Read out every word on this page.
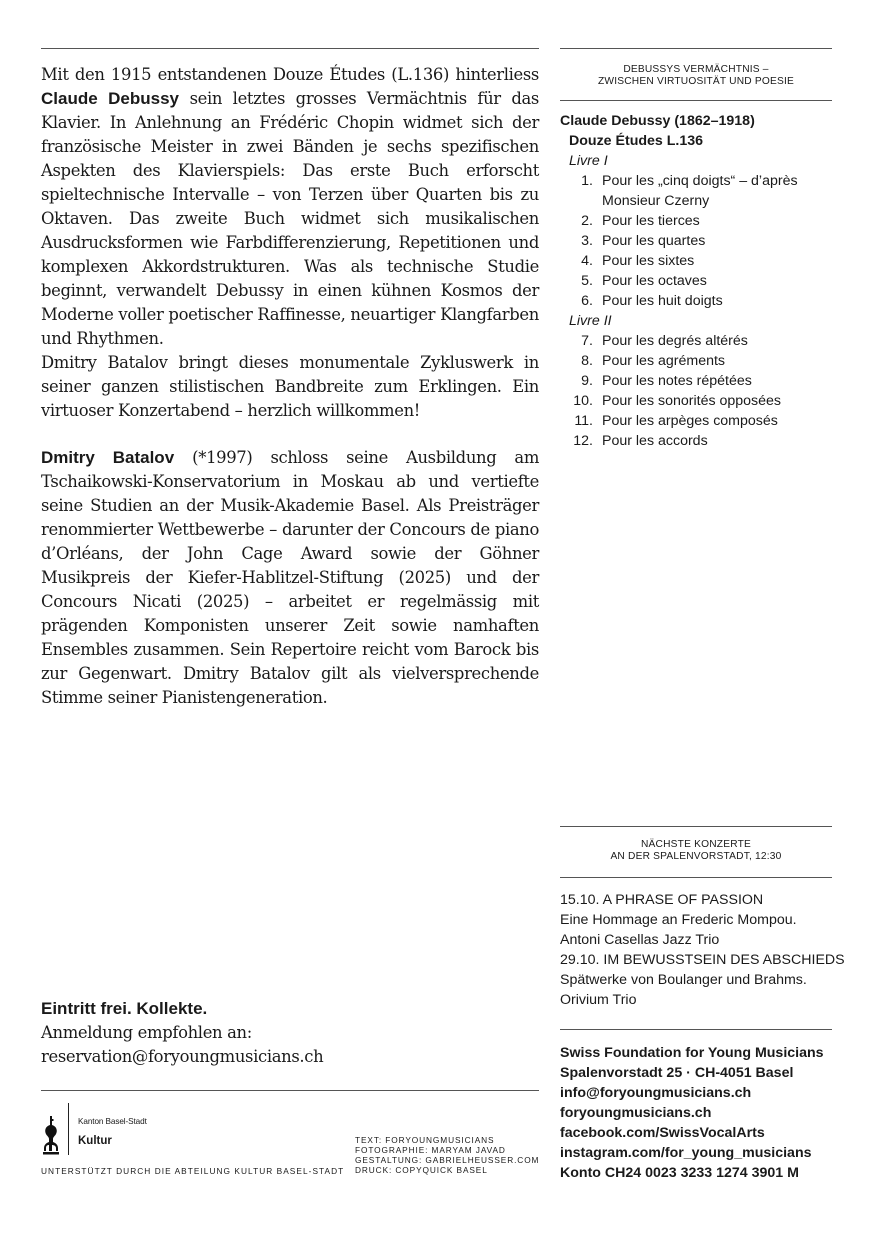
Mit den 1915 entstandenen Douze Études (L.136) hinterliess Claude Debussy sein letztes grosses Vermächtnis für das Klavier. In Anlehnung an Frédéric Chopin widmet sich der französische Meister in zwei Bänden je sechs spezifischen Aspekten des Klavierspiels: Das erste Buch erforscht spieltechnische Intervalle – von Terzen über Quarten bis zu Oktaven. Das zweite Buch widmet sich musikalischen Ausdrucksformen wie Farbdifferenzierung, Repetitionen und komplexen Akkordstrukturen. Was als technische Studie beginnt, verwandelt Debussy in einen kühnen Kosmos der Moderne voller poetischer Raffinesse, neuartiger Klangfarben und Rhythmen.

Dmitry Batalov bringt dieses monumentale Zykluswerk in seiner ganzen stilistischen Bandbreite zum Erklingen. Ein virtuoser Konzertabend – herzlich willkommen!

Dmitry Batalov (*1997) schloss seine Ausbildung am Tschaikowski-Konservatorium in Moskau ab und vertiefte seine Studien an der Musik-Akademie Basel. Als Preisträger renommierter Wettbewerbe – darunter der Concours de piano d’Orléans, der John Cage Award sowie der Göhner Musikpreis der Kiefer-Hablitzel-Stiftung (2025) und der Concours Nicati (2025) – arbeitet er regelmässig mit prägenden Komponisten unserer Zeit sowie namhaften Ensembles zusammen. Sein Repertoire reicht vom Barock bis zur Gegenwart. Dmitry Batalov gilt als vielversprechende Stimme seiner Pianistengeneration.

Eintritt frei. Kollekte.
Anmeldung empfohlen an:
reservation@foryoungmusicians.ch
Kanton Basel-Stadt
Kultur
UNTERSTÜTZT DURCH DIE ABTEILUNG KULTUR BASEL-STADT
TEXT: FORYOUNGMUSICIANS
FOTOGRAPHIE: MARYAM JAVAD
GESTALTUNG: GABRIELHEUSSER.COM
DRUCK: COPYQUICK BASEL
DEBUSSYS VERMÄCHTNIS –
ZWISCHEN VIRTUOSITÄT UND POESIE
Claude Debussy (1862–1918)
Douze Études L.136
Livre I
1. Pour les „cinq doigts“ – d’après Monsieur Czerny
2. Pour les tierces
3. Pour les quartes
4. Pour les sixtes
5. Pour les octaves
6. Pour les huit doigts
Livre II
7. Pour les degrés altérés
8. Pour les agréments
9. Pour les notes répétées
10. Pour les sonorités opposées
11. Pour les arpèges composés
12. Pour les accords
NÄCHSTE KONZERTE
AN DER SPALENVORSTADT, 12:30
15.10. A PHRASE OF PASSION
Eine Hommage an Frederic Mompou.
Antoni Casellas Jazz Trio
29.10. IM BEWUSSTSEIN DES ABSCHIEDS
Spätwerke von Boulanger und Brahms.
Orivium Trio
Swiss Foundation for Young Musicians
Spalenvorstadt 25 · CH-4051 Basel
info@foryoungmusicians.ch
foryoungmusicians.ch
facebook.com/SwissVocalArts
instagram.com/for_young_musicians
Konto CH24 0023 3233 1274 3901 M
